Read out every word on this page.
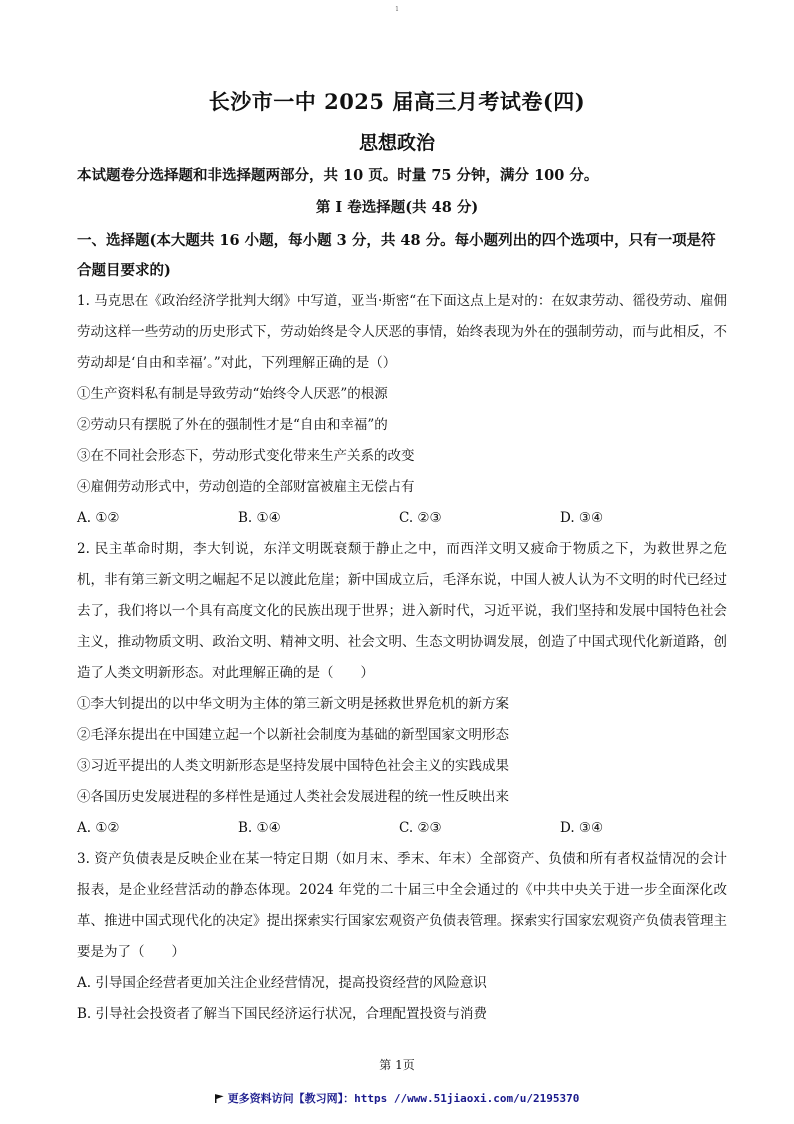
1
长沙市一中 2025 届高三月考试卷(四)
思想政治
本试题卷分选择题和非选择题两部分，共 10 页。时量 75 分钟，满分 100 分。
第 I 卷选择题(共 48 分)
一、选择题(本大题共 16 小题，每小题 3 分，共 48 分。每小题列出的四个选项中，只有一项是符合题目要求的)

1. 马克思在《政治经济学批判大纲》中写道，亚当·斯密“在下面这点上是对的：在奴隶劳动、徭役劳动、雇佣劳动这样一些劳动的历史形式下，劳动始终是令人厌恶的事情，始终表现为外在的强制劳动，而与此相反，不劳动却是‘自由和幸福’。”对此，下列理解正确的是（）

①生产资料私有制是导致劳动“始终令人厌恶”的根源

②劳动只有摆脱了外在的强制性才是“自由和幸福”的

③在不同社会形态下，劳动形式变化带来生产关系的改变

④雇佣劳动形式中，劳动创造的全部财富被雇主无偿占有

A. ①②	B. ①④	C. ②③	D. ③④

2. 民主革命时期，李大钊说，东洋文明既衰颓于静止之中，而西洋文明又疲命于物质之下，为救世界之危机，非有第三新文明之崛起不足以渡此危崖；新中国成立后，毛泽东说，中国人被人认为不文明的时代已经过去了，我们将以一个具有高度文化的民族出现于世界；进入新时代，习近平说，我们坚持和发展中国特色社会主义，推动物质文明、政治文明、精神文明、社会文明、生态文明协调发展，创造了中国式现代化新道路，创造了人类文明新形态。对此理解正确的是（　　）

①李大钊提出的以中华文明为主体的第三新文明是拯救世界危机的新方案

②毛泽东提出在中国建立起一个以新社会制度为基础的新型国家文明形态

③习近平提出的人类文明新形态是坚持发展中国特色社会主义的实践成果

④各国历史发展进程的多样性是通过人类社会发展进程的统一性反映出来

A. ①②	B. ①④	C. ②③	D. ③④

3. 资产负债表是反映企业在某一特定日期（如月末、季末、年末）全部资产、负债和所有者权益情况的会计报表，是企业经营活动的静态体现。2024 年党的二十届三中全会通过的《中共中央关于进一步全面深化改革、推进中国式现代化的决定》提出探索实行国家宏观资产负债表管理。探索实行国家宏观资产负债表管理主要是为了（　　）

A. 引导国企经营者更加关注企业经营情况，提高投资经营的风险意识

B. 引导社会投资者了解当下国民经济运行状况，合理配置投资与消费

第 1页
更多资料访问【教习网】：https //www.51jiaoxi.com/u/2195370
